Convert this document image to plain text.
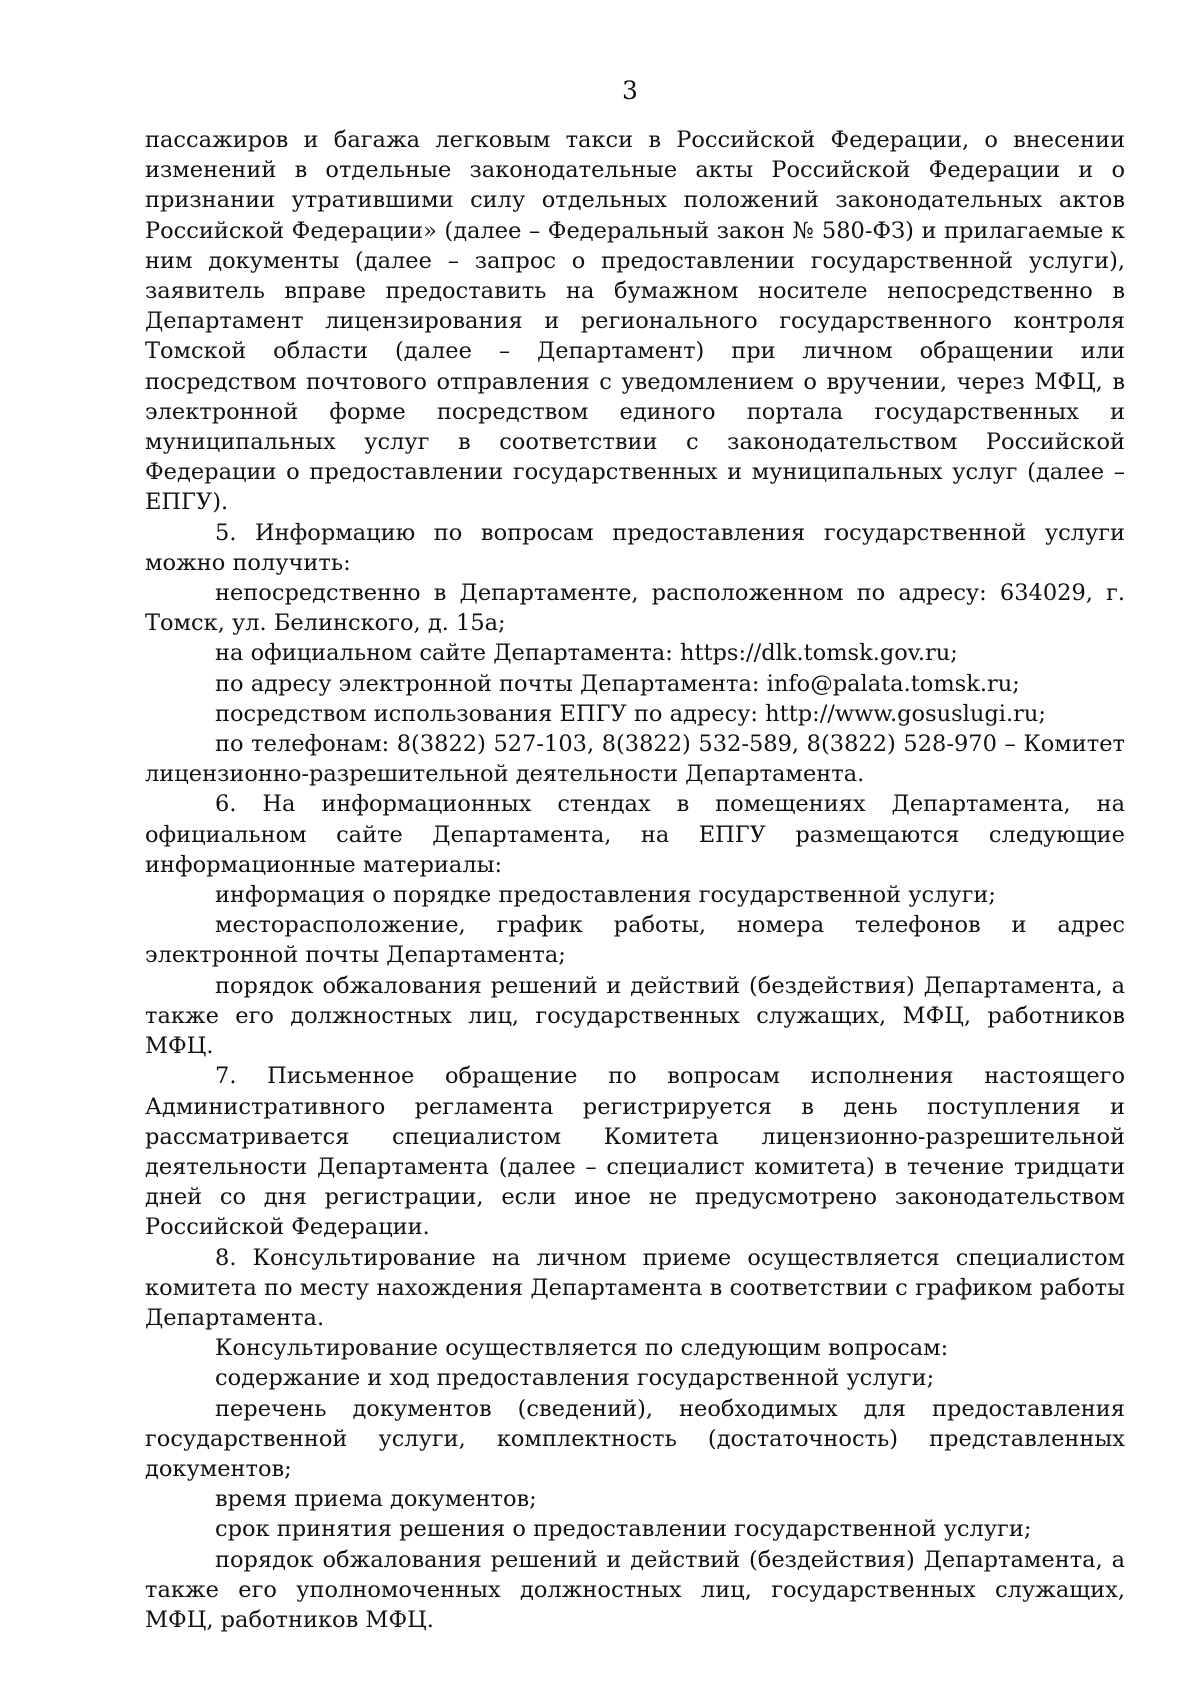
3

пассажиров и багажа легковым такси в Российской Федерации, о внесении изменений в отдельные законодательные акты Российской Федерации и о признании утратившими силу отдельных положений законодательных актов Российской Федерации» (далее – Федеральный закон № 580-ФЗ) и прилагаемые к ним документы (далее – запрос о предоставлении государственной услуги), заявитель вправе предоставить на бумажном носителе непосредственно в Департамент лицензирования и регионального государственного контроля Томской области (далее – Департамент) при личном обращении или посредством почтового отправления с уведомлением о вручении, через МФЦ, в электронной форме посредством единого портала государственных и муниципальных услуг в соответствии с законодательством Российской Федерации о предоставлении государственных и муниципальных услуг (далее – ЕПГУ).

5. Информацию по вопросам предоставления государственной услуги можно получить:

непосредственно в Департаменте, расположенном по адресу: 634029, г. Томск, ул. Белинского, д. 15а;

на официальном сайте Департамента: https://dlk.tomsk.gov.ru;

по адресу электронной почты Департамента: info@palata.tomsk.ru;

посредством использования ЕПГУ по адресу: http://www.gosuslugi.ru;

по телефонам: 8(3822) 527-103, 8(3822) 532-589, 8(3822) 528-970 – Комитет лицензионно-разрешительной деятельности Департамента.

6. На информационных стендах в помещениях Департамента, на официальном сайте Департамента, на ЕПГУ размещаются следующие информационные материалы:

информация о порядке предоставления государственной услуги;

месторасположение, график работы, номера телефонов и адрес электронной почты Департамента;

порядок обжалования решений и действий (бездействия) Департамента, а также его должностных лиц, государственных служащих, МФЦ, работников МФЦ.

7. Письменное обращение по вопросам исполнения настоящего Административного регламента регистрируется в день поступления и рассматривается специалистом Комитета лицензионно-разрешительной деятельности Департамента (далее – специалист комитета) в течение тридцати дней со дня регистрации, если иное не предусмотрено законодательством Российской Федерации.

8. Консультирование на личном приеме осуществляется специалистом комитета по месту нахождения Департамента в соответствии с графиком работы Департамента.

Консультирование осуществляется по следующим вопросам:

содержание и ход предоставления государственной услуги;

перечень документов (сведений), необходимых для предоставления государственной услуги, комплектность (достаточность) представленных документов;

время приема документов;

срок принятия решения о предоставлении государственной услуги;

порядок обжалования решений и действий (бездействия) Департамента, а также его уполномоченных должностных лиц, государственных служащих, МФЦ, работников МФЦ.
